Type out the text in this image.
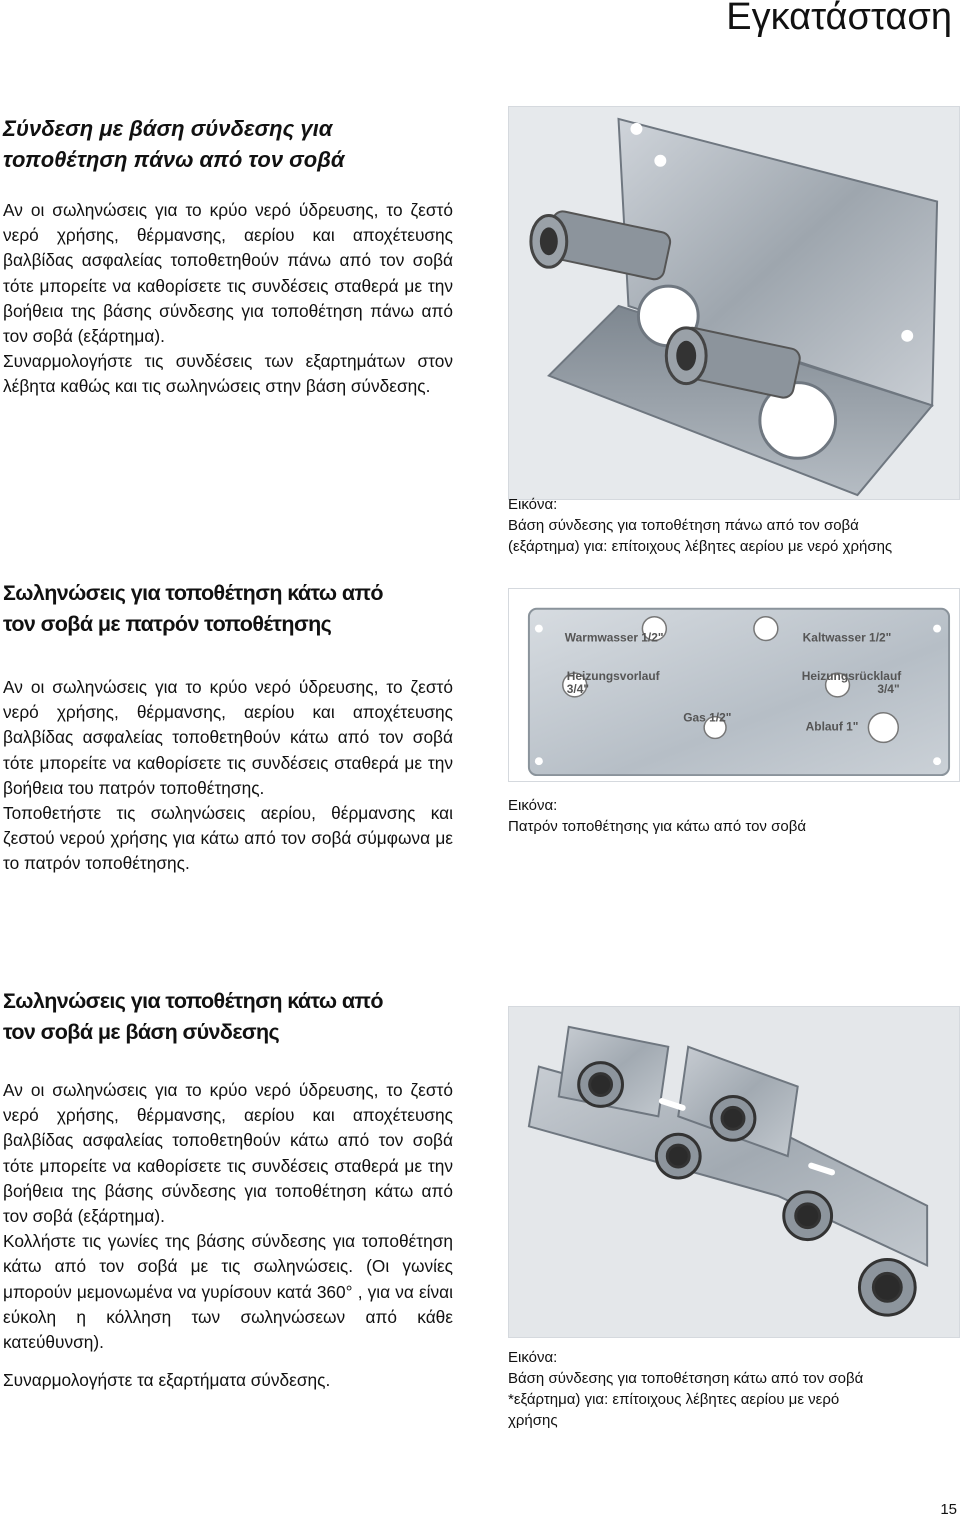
Εγκατάσταση
Σύνδεση με βάση σύνδεσης για
τοποθέτηση πάνω από τον σοβά

Αν οι σωληνώσεις για το κρύο νερό ύδρευσης, το ζεστό νερό χρήσης, θέρμανσης, αερίου και αποχέτευσης βαλβίδας ασφαλείας τοποθετηθούν πάνω από τον σοβά τότε μπορείτε να καθορίσετε τις συνδέσεις σταθερά με την βοήθεια της βάσης σύνδεσης για τοποθέτηση πάνω από τον σοβά (εξάρτημα).

Συναρμολογήστε τις συνδέσεις των εξαρτημάτων στον λέβητα καθώς και τις σωληνώσεις στην βάση σύνδεσης.

Εικόνα:
Βάση σύνδεσης για τοποθέτηση πάνω από τον σοβά
(εξάρτημα) για: επίτοιχους λέβητες αερίου με νερό χρήσης
Σωληνώσεις για τοποθέτηση κάτω από
τον σοβά με πατρόν τοποθέτησης

Αν οι σωληνώσεις για το κρύο νερό ύδρευσης, το ζεστό νερό χρήσης, θέρμανσης, αερίου και αποχέτευσης βαλβίδας ασφαλείας τοποθετηθούν κάτω από τον σοβά τότε μπορείτε να καθορίσετε τις συνδέσεις σταθερά με την βοήθεια του πατρόν τοποθέτησης.

Τοποθετήστε τις σωληνώσεις αερίου, θέρμανσης και ζεστού νερού χρήσης για κάτω από τον σοβά σύμφωνα με το πατρόν τοποθέτησης.

Warmwasser 1/2"	Kaltwasser 1/2"
Heizungsvorlauf
3/4"
Heizungsrücklauf
3/4"
Gas 1/2"
Ablauf 1"
Εικόνα:
Πατρόν τοποθέτησης για κάτω από τον σοβά
Σωληνώσεις για τοποθέτηση κάτω από
τον σοβά με βάση σύνδεσης

Αν οι σωληνώσεις για το κρύο νερό ύδρευσης, το ζεστό νερό χρήσης, θέρμανσης, αερίου και αποχέτευσης βαλβίδας ασφαλείας τοποθετηθούν κάτω από τον σοβά τότε μπορείτε να καθορίσετε τις συνδέσεις σταθερά με την βοήθεια της βάσης σύνδεσης για τοποθέτηση κάτω από τον σοβά (εξάρτημα).

Κολλήστε τις γωνίες της βάσης σύνδεσης για τοποθέτηση κάτω από τον σοβά με τις σωληνώσεις. (Οι γωνίες μπορούν μεμονωμένα να γυρίσουν κατά 360° , για να είναι εύκολη η κόλληση των σωληνώσεων από κάθε κατεύθυνση).

Συναρμολογήστε τα εξαρτήματα σύνδεσης.

Εικόνα:
Βάση σύνδεσης για τοποθέτσηση κάτω από τον σοβά
*εξάρτημα) για: επίτοιχους λέβητες αερίου με νερό
χρήσης
15
